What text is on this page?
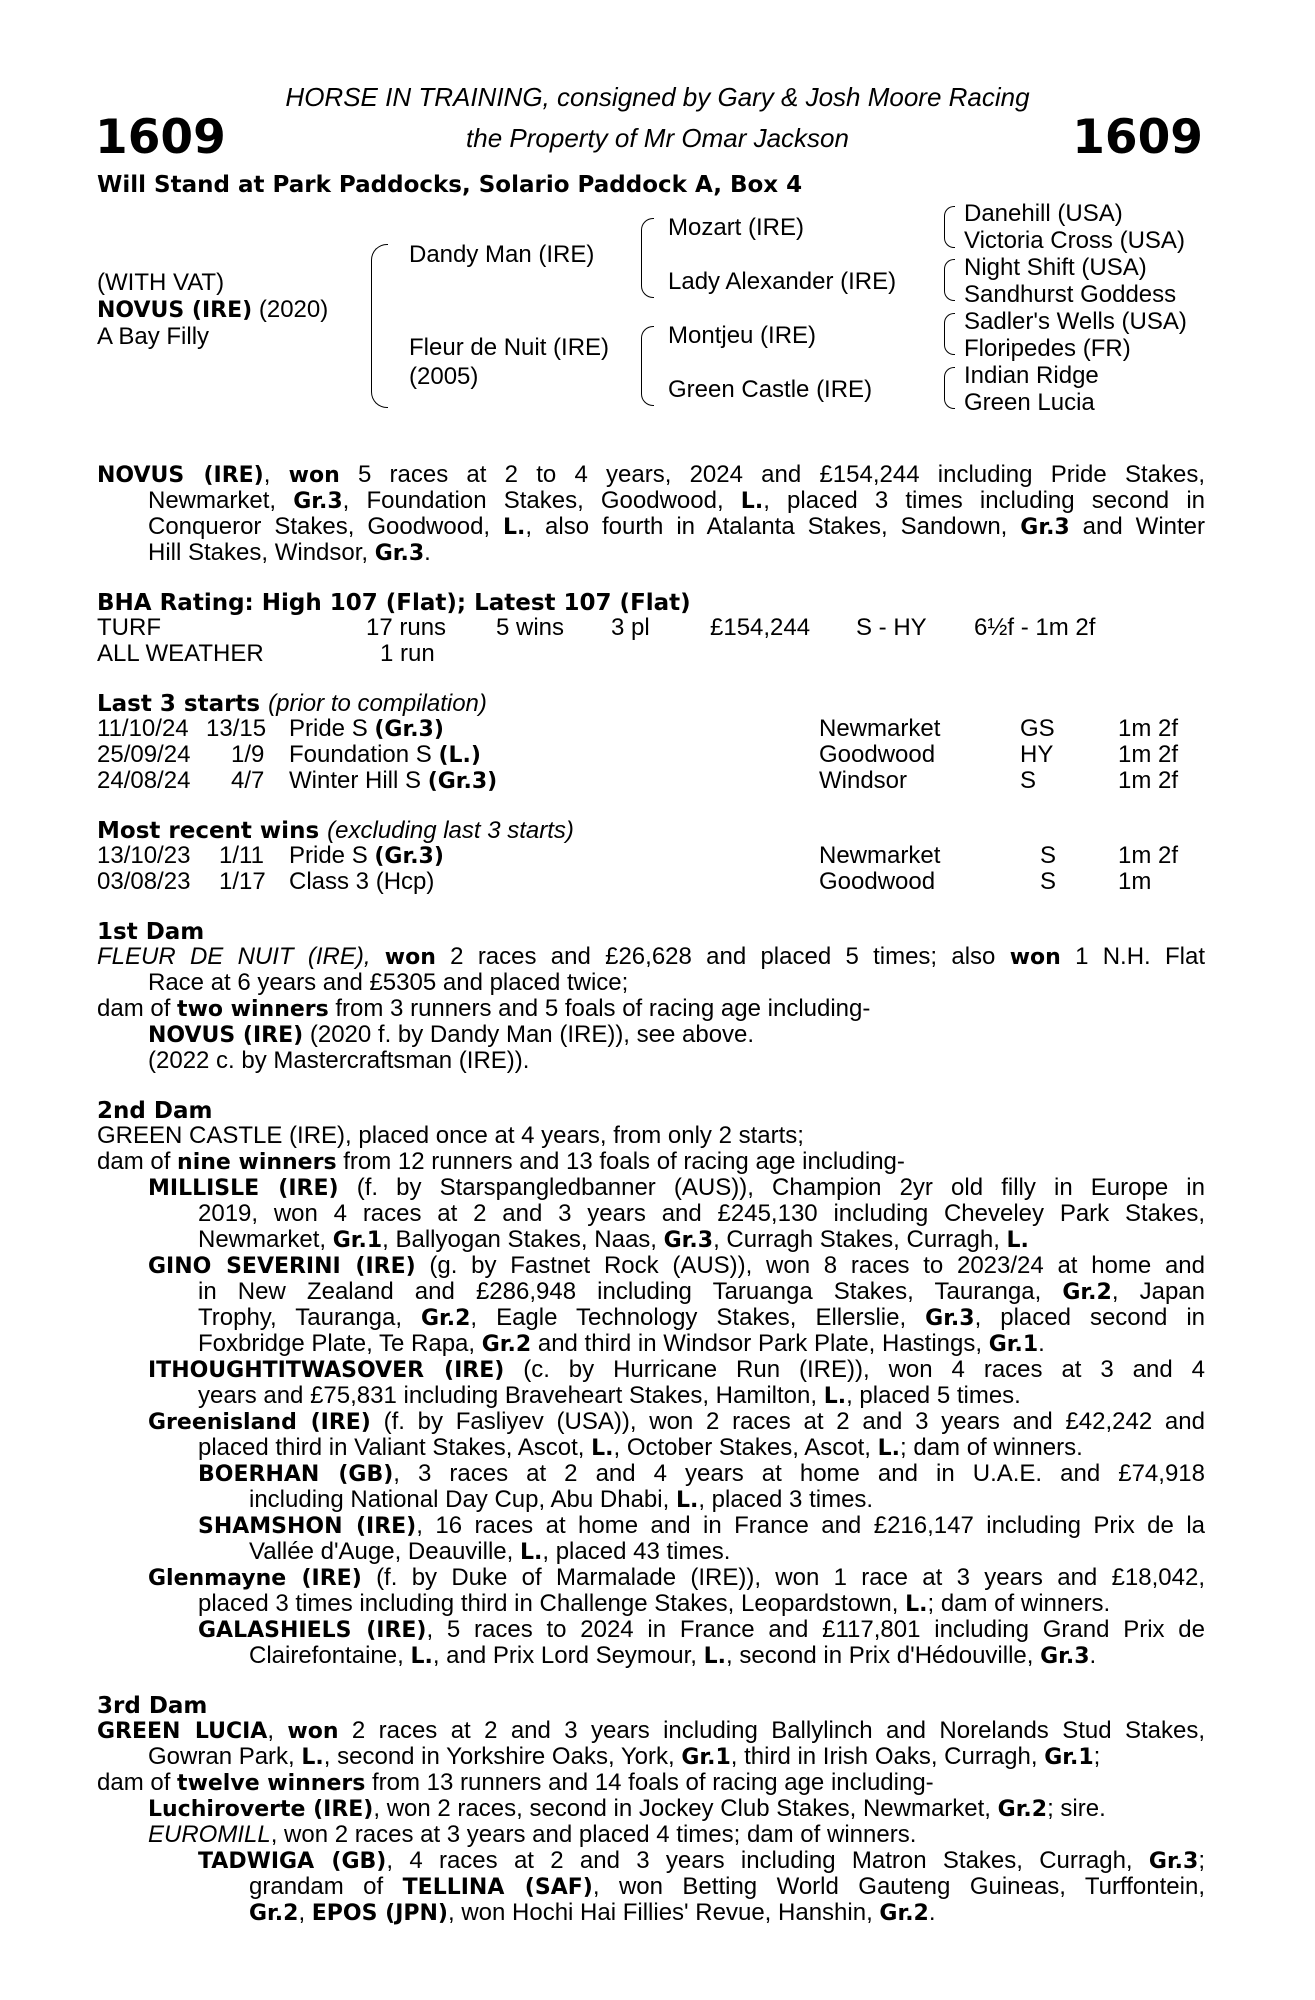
1609	1609
HORSE IN TRAINING, consigned by Gary & Josh Moore Racing
the Property of Mr Omar Jackson
Will Stand at Park Paddocks, Solario Paddock A, Box 4
(WITH VAT)
NOVUS (IRE) (2020)
A Bay Filly
Dandy Man (IRE)
Fleur de Nuit (IRE)
(2005)
Mozart (IRE)
Lady Alexander (IRE)
Montjeu (IRE)
Green Castle (IRE)
Danehill (USA)
Victoria Cross (USA)
Night Shift (USA)
Sandhurst Goddess
Sadler's Wells (USA)
Floripedes (FR)
Indian Ridge
Green Lucia
NOVUS (IRE), won 5 races at 2 to 4 years, 2024 and £154,244 including Pride Stakes,
Newmarket, Gr.3, Foundation Stakes, Goodwood, L., placed 3 times including second in
Conqueror Stakes, Goodwood, L., also fourth in Atalanta Stakes, Sandown, Gr.3 and Winter
Hill Stakes, Windsor, Gr.3.
BHA Rating: High 107 (Flat); Latest 107 (Flat)
TURF	17 runs 5 wins 3 pl	£154,244 S - HY 6½f - 1m 2f
ALL WEATHER	1 run
Last 3 starts (prior to compilation)
11/10/24 13/15 Pride S (Gr.3)	Newmarket	GS	1m 2f
25/09/24 1/9 Foundation S (L.)	Goodwood	HY	1m 2f
24/08/24 4/7 Winter Hill S (Gr.3)	Windsor	S	1m 2f
Most recent wins (excluding last 3 starts)
13/10/23 1/11 Pride S (Gr.3)	Newmarket	S	1m 2f
03/08/23 1/17 Class 3 (Hcp)	Goodwood	S	1m
1st Dam
FLEUR DE NUIT (IRE), won 2 races and £26,628 and placed 5 times; also won 1 N.H. Flat
Race at 6 years and £5305 and placed twice;
dam of two winners from 3 runners and 5 foals of racing age including-
NOVUS (IRE) (2020 f. by Dandy Man (IRE)), see above.
(2022 c. by Mastercraftsman (IRE)).
2nd Dam
GREEN CASTLE (IRE), placed once at 4 years, from only 2 starts;
dam of nine winners from 12 runners and 13 foals of racing age including-
MILLISLE (IRE) (f. by Starspangledbanner (AUS)), Champion 2yr old filly in Europe in
2019, won 4 races at 2 and 3 years and £245,130 including Cheveley Park Stakes,
Newmarket, Gr.1, Ballyogan Stakes, Naas, Gr.3, Curragh Stakes, Curragh, L.
GINO SEVERINI (IRE) (g. by Fastnet Rock (AUS)), won 8 races to 2023/24 at home and
in New Zealand and £286,948 including Taruanga Stakes, Tauranga, Gr.2, Japan
Trophy, Tauranga, Gr.2, Eagle Technology Stakes, Ellerslie, Gr.3, placed second in
Foxbridge Plate, Te Rapa, Gr.2 and third in Windsor Park Plate, Hastings, Gr.1.
ITHOUGHTITWASOVER (IRE) (c. by Hurricane Run (IRE)), won 4 races at 3 and 4
years and £75,831 including Braveheart Stakes, Hamilton, L., placed 5 times.
Greenisland (IRE) (f. by Fasliyev (USA)), won 2 races at 2 and 3 years and £42,242 and
placed third in Valiant Stakes, Ascot, L., October Stakes, Ascot, L.; dam of winners.
BOERHAN (GB), 3 races at 2 and 4 years at home and in U.A.E. and £74,918
including National Day Cup, Abu Dhabi, L., placed 3 times.
SHAMSHON (IRE), 16 races at home and in France and £216,147 including Prix de la
Vallée d'Auge, Deauville, L., placed 43 times.
Glenmayne (IRE) (f. by Duke of Marmalade (IRE)), won 1 race at 3 years and £18,042,
placed 3 times including third in Challenge Stakes, Leopardstown, L.; dam of winners.
GALASHIELS (IRE), 5 races to 2024 in France and £117,801 including Grand Prix de
Clairefontaine, L., and Prix Lord Seymour, L., second in Prix d'Hédouville, Gr.3.
3rd Dam
GREEN LUCIA, won 2 races at 2 and 3 years including Ballylinch and Norelands Stud Stakes,
Gowran Park, L., second in Yorkshire Oaks, York, Gr.1, third in Irish Oaks, Curragh, Gr.1;
dam of twelve winners from 13 runners and 14 foals of racing age including-
Luchiroverte (IRE), won 2 races, second in Jockey Club Stakes, Newmarket, Gr.2; sire.
EUROMILL, won 2 races at 3 years and placed 4 times; dam of winners.
TADWIGA (GB), 4 races at 2 and 3 years including Matron Stakes, Curragh, Gr.3;
grandam of TELLINA (SAF), won Betting World Gauteng Guineas, Turffontein,
Gr.2, EPOS (JPN), won Hochi Hai Fillies' Revue, Hanshin, Gr.2.
